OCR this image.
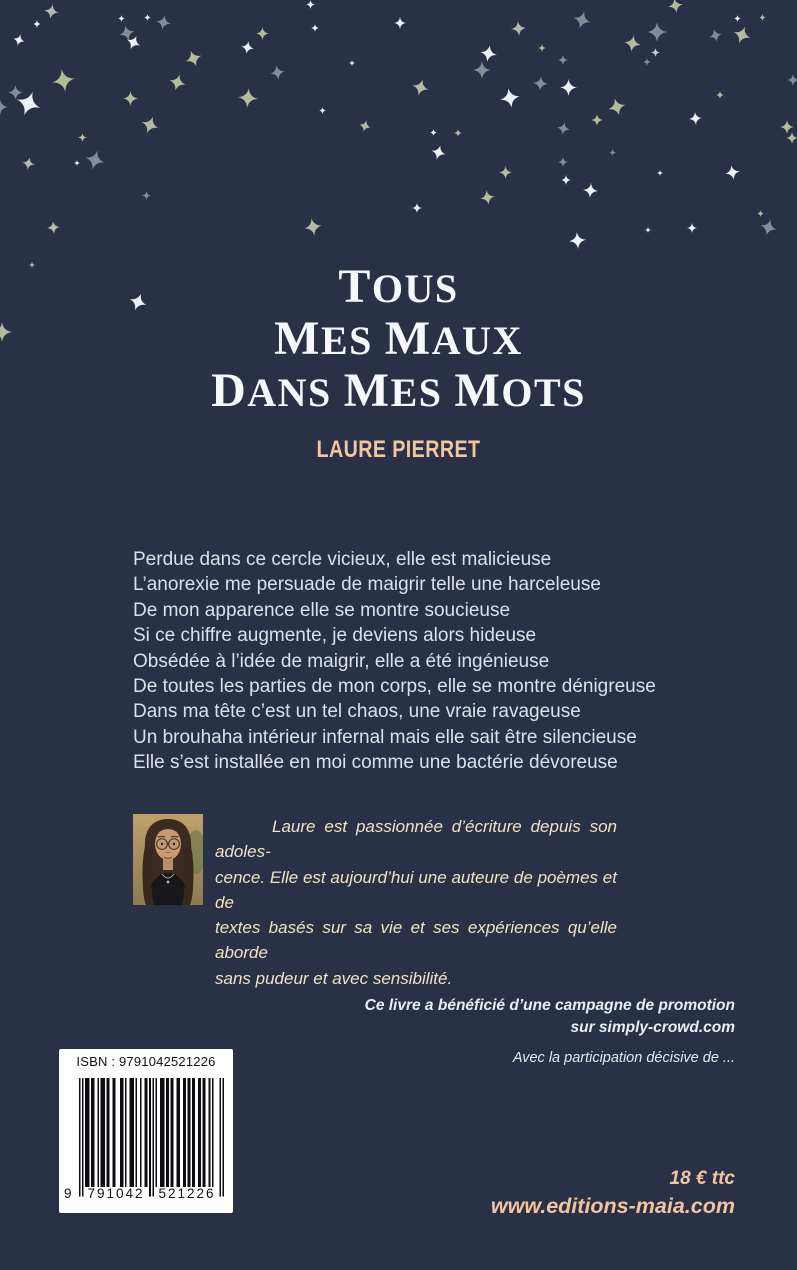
TOUS
MES MAUX
DANS MES MOTS
LAURE PIERRET
Perdue dans ce cercle vicieux, elle est malicieuse
L’anorexie me persuade de maigrir telle une harceleuse
De mon apparence elle se montre soucieuse
Si ce chiffre augmente, je deviens alors hideuse
Obsédée à l’idée de maigrir, elle a été ingénieuse
De toutes les parties de mon corps, elle se montre dénigreuse
Dans ma tête c’est un tel chaos, une vraie ravageuse
Un brouhaha intérieur infernal mais elle sait être silencieuse
Elle s’est installée en moi comme une bactérie dévoreuse
Laure est passionnée d’écriture depuis son adoles-
cence. Elle est aujourd’hui une auteure de poèmes et de
textes basés sur sa vie et ses expériences qu’elle aborde
sans pudeur et avec sensibilité.
Ce livre a bénéficié d’une campagne de promotion
sur simply-crowd.com
Avec la participation décisive de ...
ISBN : 9791042521226
9 791042 521226
18 € ttc
www.editions-maia.com
